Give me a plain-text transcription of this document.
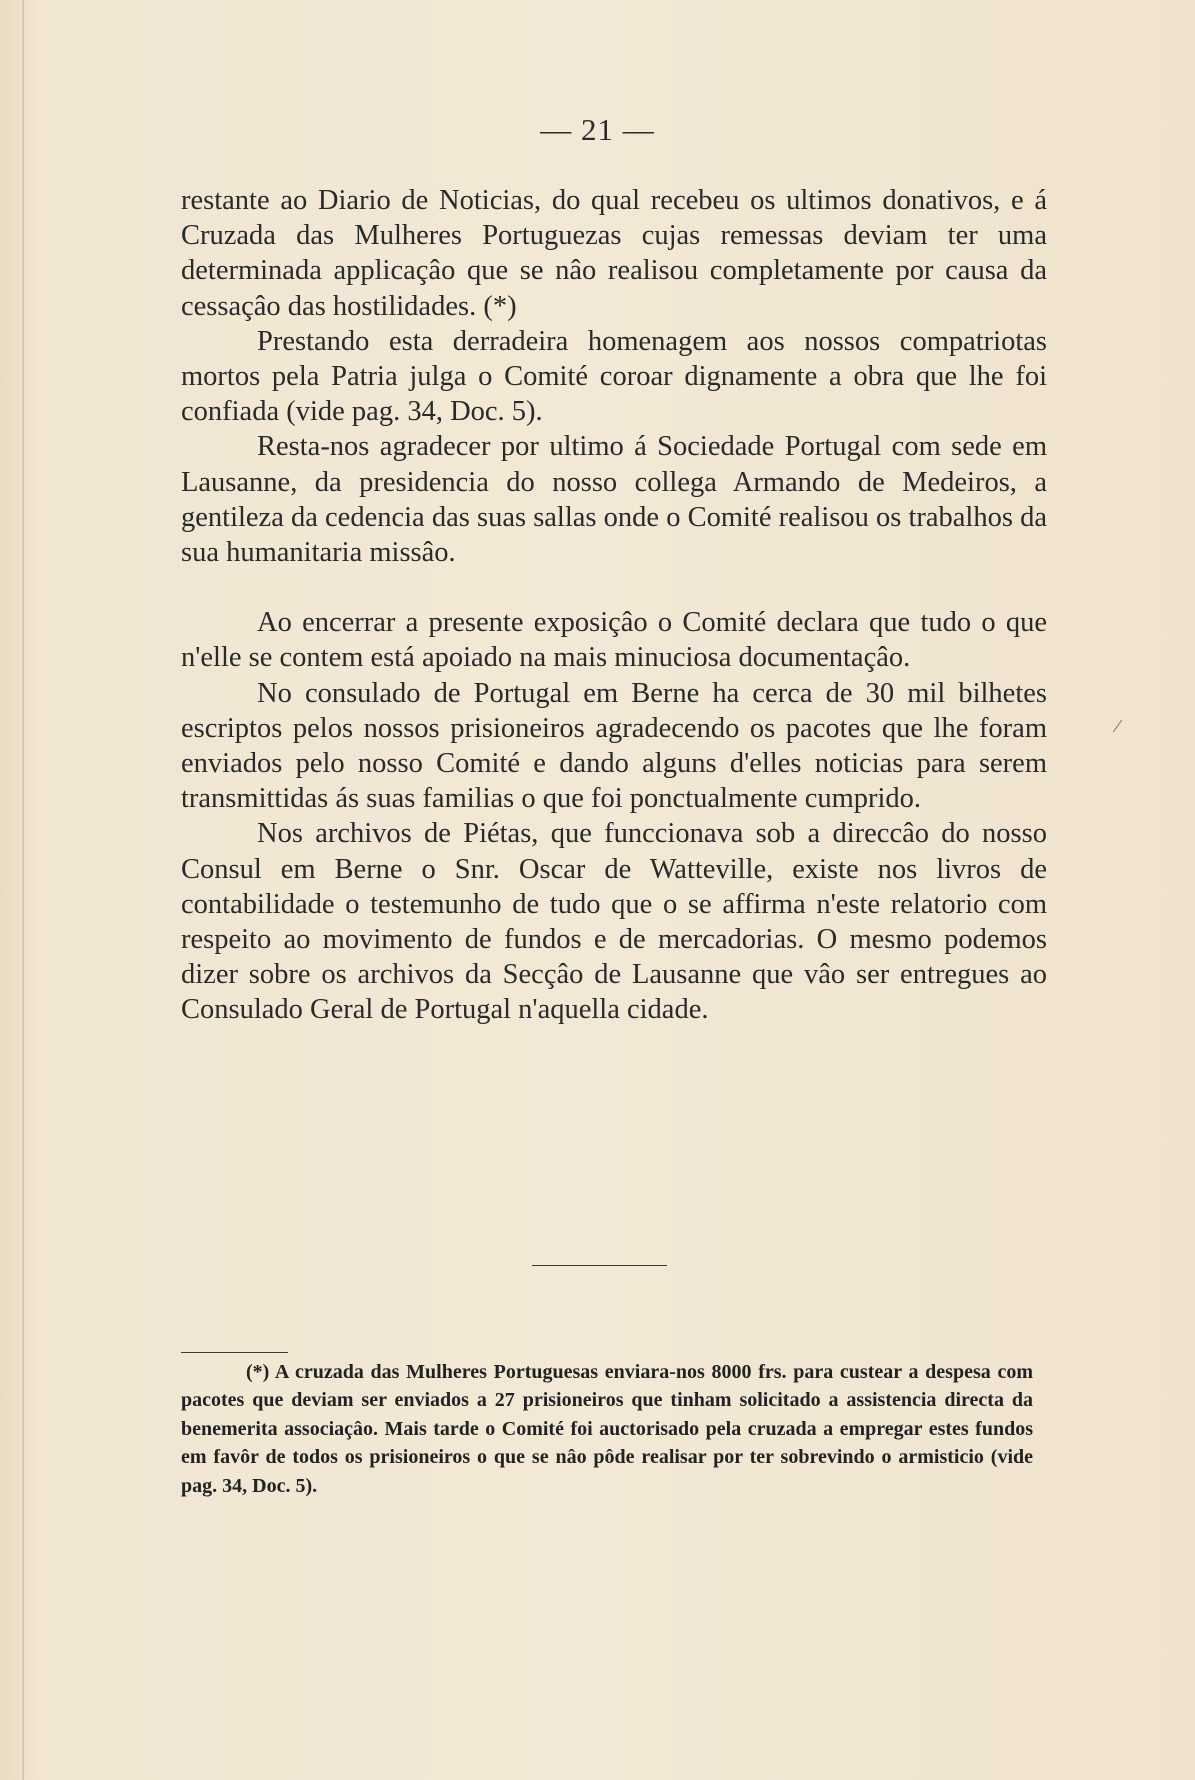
— 21 —

restante ao Diario de Noticias, do qual recebeu os ultimos donativos, e á Cruzada das Mulheres Portuguezas cujas remessas deviam ter uma determinada applicaçâo que se nâo realisou completamente por causa da cessaçâo das hostilidades. (*)

Prestando esta derradeira homenagem aos nossos compatriotas mortos pela Patria julga o Comité coroar dignamente a obra que lhe foi confiada (vide pag. 34, Doc. 5).

Resta-nos agradecer por ultimo á Sociedade Portugal com sede em Lausanne, da presidencia do nosso collega Armando de Medeiros, a gentileza da cedencia das suas sallas onde o Comité realisou os trabalhos da sua humanitaria missâo.

Ao encerrar a presente exposiçâo o Comité declara que tudo o que n'elle se contem está apoiado na mais minuciosa documentaçâo.

No consulado de Portugal em Berne ha cerca de 30 mil bilhetes escriptos pelos nossos prisioneiros agradecendo os pacotes que lhe foram enviados pelo nosso Comité e dando alguns d'elles noticias para serem transmittidas ás suas familias o que foi ponctualmente cumprido.

Nos archivos de Piétas, que funccionava sob a direccâo do nosso Consul em Berne o Snr. Oscar de Watteville, existe nos livros de contabilidade o testemunho de tudo que o se affirma n'este relatorio com respeito ao movimento de fundos e de mercadorias. O mesmo podemos dizer sobre os archivos da Secçâo de Lausanne que vâo ser entregues ao Consulado Geral de Portugal n'aquella cidade.

⁄
(*) A cruzada das Mulheres Portuguesas enviara-nos 8000 frs. para custear a despesa com pacotes que deviam ser enviados a 27 prisioneiros que tinham solicitado a assistencia directa da benemerita associaçâo. Mais tarde o Comité foi auctorisado pela cruzada a empregar estes fundos em favôr de todos os prisioneiros o que se nâo pôde realisar por ter sobrevindo o armisticio (vide pag. 34, Doc. 5).
